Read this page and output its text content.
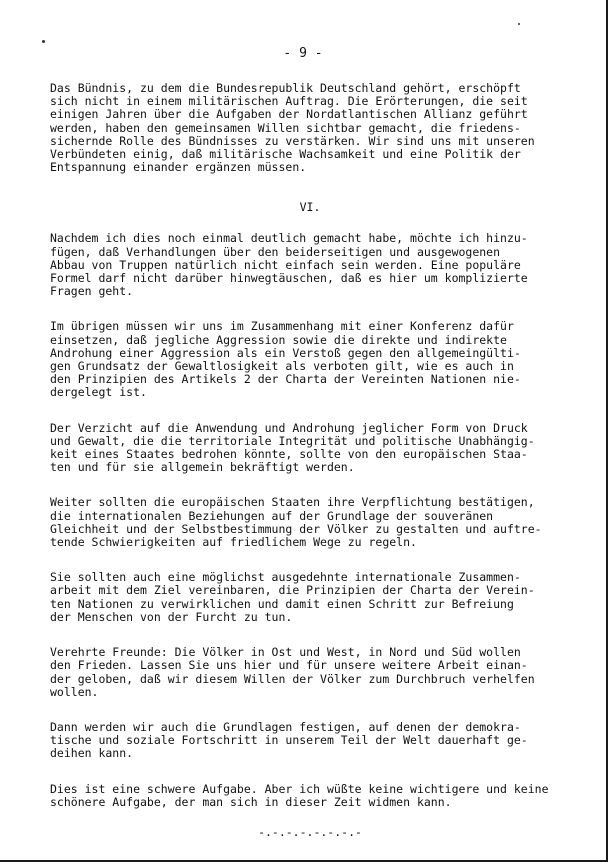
- 9 -

Das Bündnis, zu dem die Bundesrepublik Deutschland gehört, erschöpft
sich nicht in einem militärischen Auftrag. Die Erörterungen, die seit
einigen Jahren über die Aufgaben der Nordatlantischen Allianz geführt
werden, haben den gemeinsamen Willen sichtbar gemacht, die friedens-
sichernde Rolle des Bündnisses zu verstärken. Wir sind uns mit unseren
Verbündeten einig, daß militärische Wachsamkeit und eine Politik der
Entspannung einander ergänzen müssen.

VI.

Nachdem ich dies noch einmal deutlich gemacht habe, möchte ich hinzu-
fügen, daß Verhandlungen über den beiderseitigen und ausgewogenen
Abbau von Truppen natürlich nicht einfach sein werden. Eine populäre
Formel darf nicht darüber hinwegtäuschen, daß es hier um komplizierte
Fragen geht.

Im übrigen müssen wir uns im Zusammenhang mit einer Konferenz dafür
einsetzen, daß jegliche Aggression sowie die direkte und indirekte
Androhung einer Aggression als ein Verstoß gegen den allgemeingülti-
gen Grundsatz der Gewaltlosigkeit als verboten gilt, wie es auch in
den Prinzipien des Artikels 2 der Charta der Vereinten Nationen nie-
dergelegt ist.

Der Verzicht auf die Anwendung und Androhung jeglicher Form von Druck
und Gewalt, die die territoriale Integrität und politische Unabhängig-
keit eines Staates bedrohen könnte, sollte von den europäischen Staa-
ten und für sie allgemein bekräftigt werden.

Weiter sollten die europäischen Staaten ihre Verpflichtung bestätigen,
die internationalen Beziehungen auf der Grundlage der souveränen
Gleichheit und der Selbstbestimmung der Völker zu gestalten und auftre-
tende Schwierigkeiten auf friedlichem Wege zu regeln.

Sie sollten auch eine möglichst ausgedehnte internationale Zusammen-
arbeit mit dem Ziel vereinbaren, die Prinzipien der Charta der Verein-
ten Nationen zu verwirklichen und damit einen Schritt zur Befreiung
der Menschen von der Furcht zu tun.

Verehrte Freunde: Die Völker in Ost und West, in Nord und Süd wollen
den Frieden. Lassen Sie uns hier und für unsere weitere Arbeit einan-
der geloben, daß wir diesem Willen der Völker zum Durchbruch verhelfen
wollen.

Dann werden wir auch die Grundlagen festigen, auf denen der demokra-
tische und soziale Fortschritt in unserem Teil der Welt dauerhaft ge-
deihen kann.

Dies ist eine schwere Aufgabe. Aber ich wüßte keine wichtigere und keine
schönere Aufgabe, der man sich in dieser Zeit widmen kann.

-.-.-.-.-.-.-.-
